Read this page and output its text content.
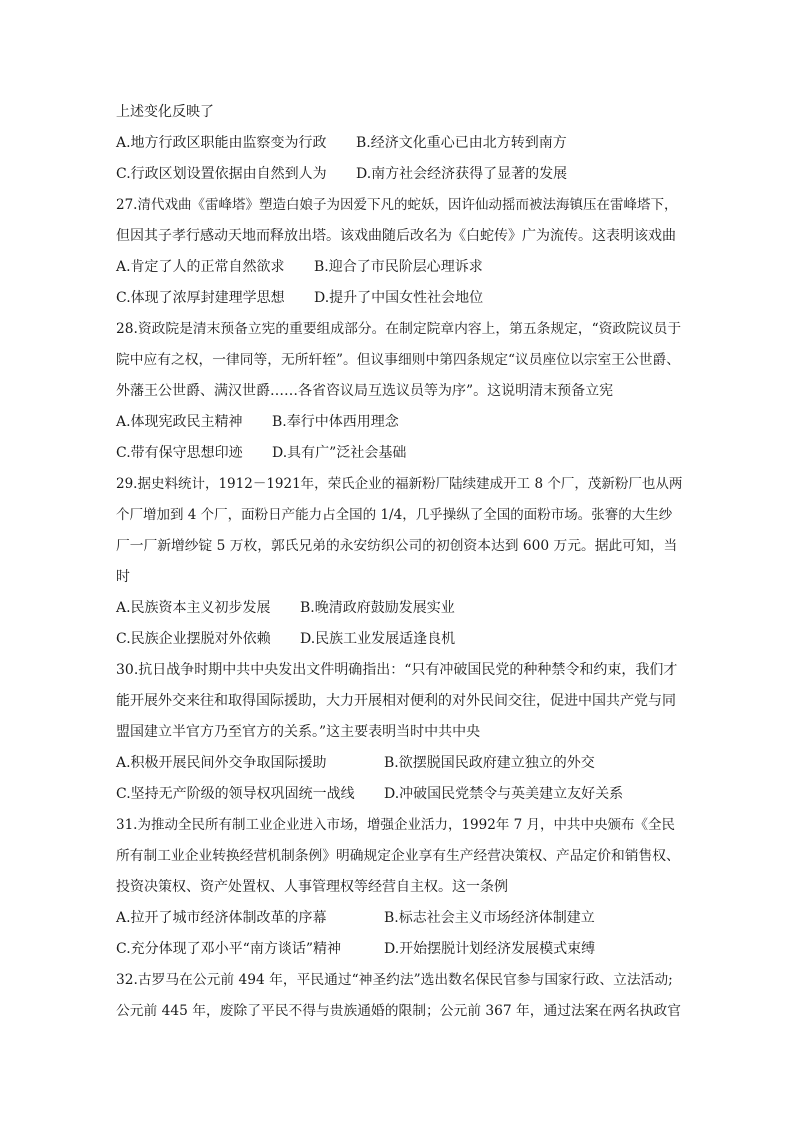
上述变化反映了
A.地方行政区职能由监察变为行政 B.经济文化重心已由北方转到南方
C.行政区划设置依据由自然到人为 D.南方社会经济获得了显著的发展
27.清代戏曲《雷峰塔》塑造白娘子为因爱下凡的蛇妖，因许仙动摇而被法海镇压在雷峰塔下，
但因其子孝行感动天地而释放出塔。该戏曲随后改名为《白蛇传》广为流传。这表明该戏曲
A.肯定了人的正常自然欲求 B.迎合了市民阶层心理诉求
C.体现了浓厚封建理学思想 D.提升了中国女性社会地位
28.资政院是清末预备立宪的重要组成部分。在制定院章内容上，第五条规定，“资政院议员于
院中应有之权，一律同等，无所轩轾”。但议事细则中第四条规定“议员座位以宗室王公世爵、
外藩王公世爵、满汉世爵……各省咨议局互选议员等为序”。这说明清末预备立宪
A.体现宪政民主精神 B.奉行中体西用理念
C.带有保守思想印迹 D.具有广”泛社会基础
29.据史料统计，1912－1921年，荣氏企业的福新粉厂陆续建成开工 8 个厂，茂新粉厂也从两
个厂增加到 4 个厂，面粉日产能力占全国的 1/4，几乎操纵了全国的面粉市场。张謇的大生纱
厂一厂新增纱锭 5 万枚，郭氏兄弟的永安纺织公司的初创资本达到 600 万元。据此可知，当
时
A.民族资本主义初步发展 B.晚清政府鼓励发展实业
C.民族企业摆脱对外依赖 D.民族工业发展适逢良机
30.抗日战争时期中共中央发出文件明确指出：“只有冲破国民党的种种禁令和约束，我们才
能开展外交来往和取得国际援助，大力开展相对便利的对外民间交往，促进中国共产党与同
盟国建立半官方乃至官方的关系。”这主要表明当时中共中央
A.积极开展民间外交争取国际援助	B.欲摆脱国民政府建立独立的外交
C.坚持无产阶级的领导权巩固统一战线 D.冲破国民党禁令与英美建立友好关系
31.为推动全民所有制工业企业进入市场，增强企业活力，1992年 7 月，中共中央颁布《全民
所有制工业企业转换经营机制条例》明确规定企业享有生产经营决策权、产品定价和销售权、
投资决策权、资产处置权、人事管理权等经营自主权。这一条例
A.拉开了城市经济体制改革的序幕	B.标志社会主义市场经济体制建立
C.充分体现了邓小平“南方谈话”精神	D.开始摆脱计划经济发展模式束缚
32.古罗马在公元前 494 年，平民通过“神圣约法”选出数名保民官参与国家行政、立法活动;
公元前 445 年，废除了平民不得与贵族通婚的限制；公元前 367 年，通过法案在两名执政官
